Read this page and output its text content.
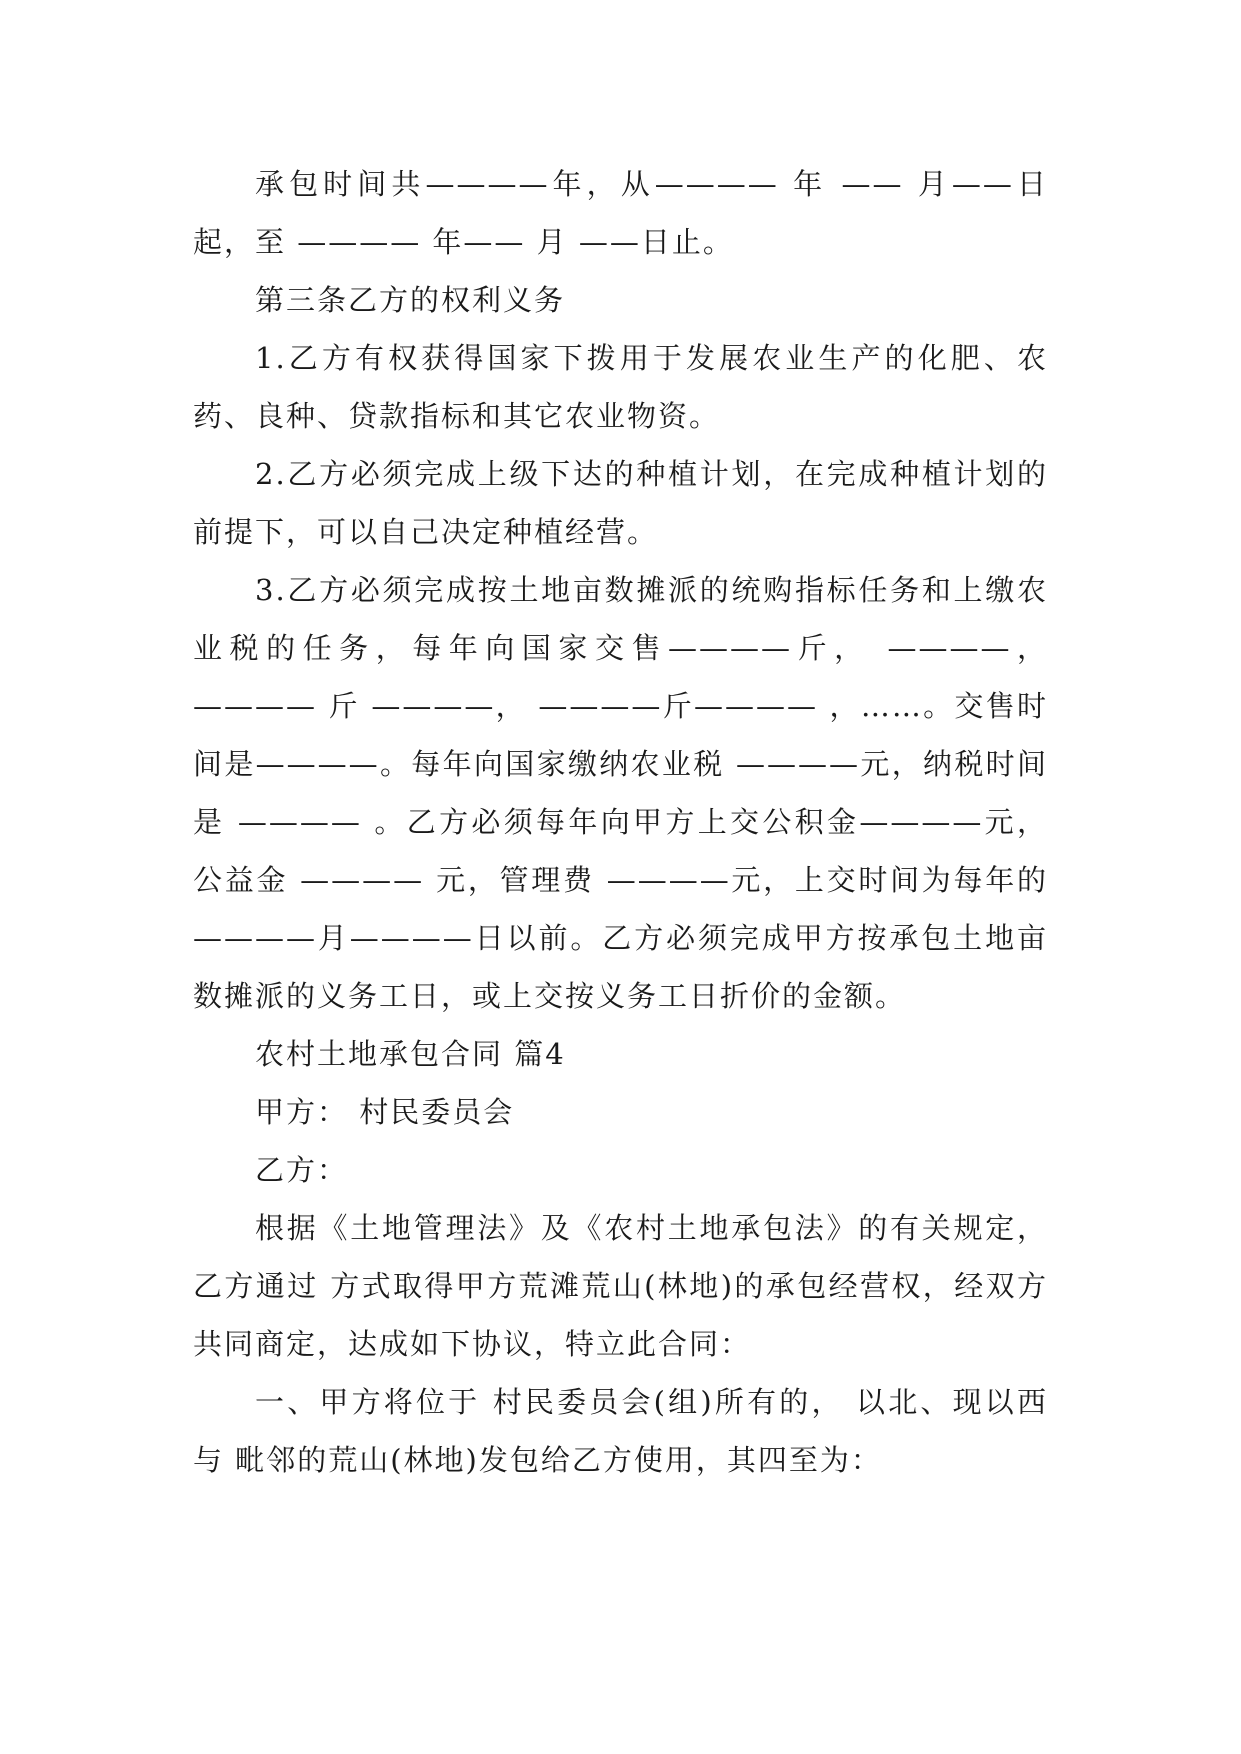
承包时间共————年，从———— 年 —— 月——日起，至 ———— 年—— 月 ——日止。

第三条乙方的权利义务

1.乙方有权获得国家下拨用于发展农业生产的化肥、农药、良种、贷款指标和其它农业物资。

2.乙方必须完成上级下达的种植计划，在完成种植计划的前提下，可以自己决定种植经营。

3.乙方必须完成按土地亩数摊派的统购指标任务和上缴农业税的任务，每年向国家交售————斤， ————，———— 斤 ————， ————斤———— ，……。交售时间是————。每年向国家缴纳农业税 ————元，纳税时间是 ———— 。乙方必须每年向甲方上交公积金————元，公益金 ———— 元，管理费 ————元，上交时间为每年的————月————日以前。乙方必须完成甲方按承包土地亩数摊派的义务工日，或上交按义务工日折价的金额。

农村土地承包合同 篇4

甲方： 村民委员会

乙方：

根据《土地管理法》及《农村土地承包法》的有关规定，乙方通过 方式取得甲方荒滩荒山(林地)的承包经营权，经双方共同商定，达成如下协议，特立此合同：

一、甲方将位于 村民委员会(组)所有的， 以北、现以西与 毗邻的荒山(林地)发包给乙方使用，其四至为：
